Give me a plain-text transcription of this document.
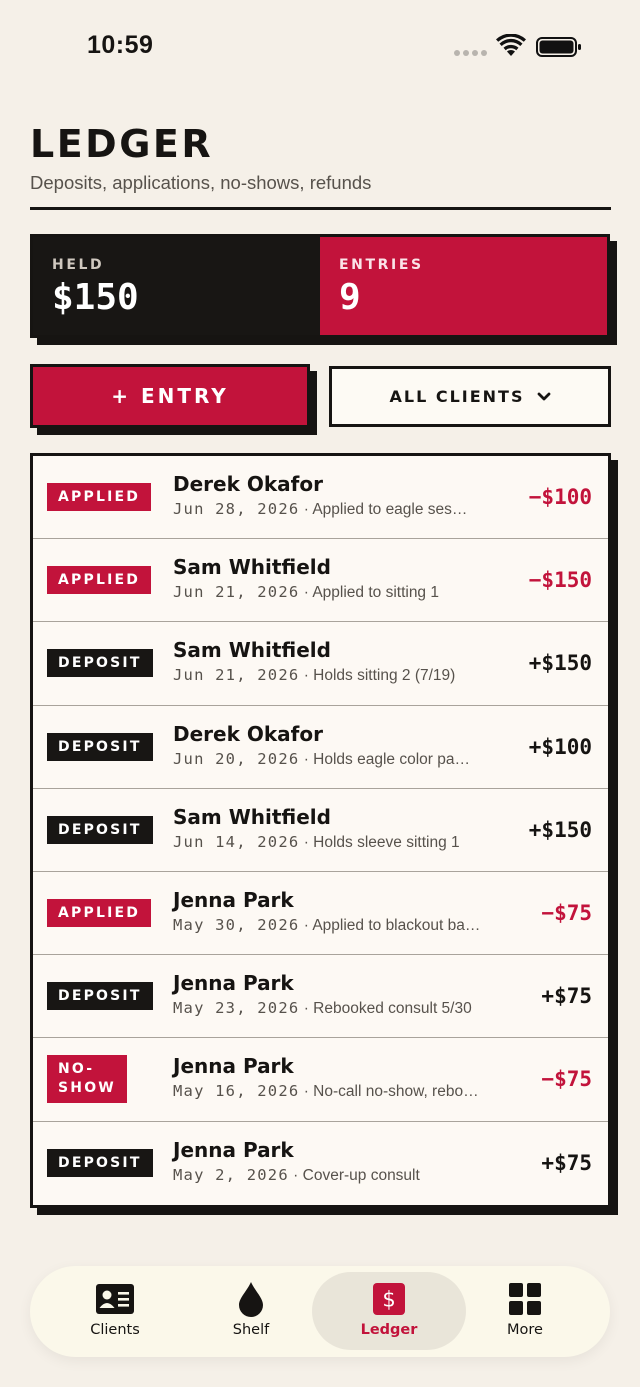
10:59
LEDGER
Deposits, applications, no-shows, refunds
HELD
$150
ENTRIES
9
+ ENTRY	ALL CLIENTS
APPLIED
Derek Okafor
Jun 28, 2026 · Applied to eagle ses…
−$100
APPLIED
Sam Whitfield
Jun 21, 2026 · Applied to sitting 1
−$150
DEPOSIT
Sam Whitfield
Jun 21, 2026 · Holds sitting 2 (7/19)
+$150
DEPOSIT
Derek Okafor
Jun 20, 2026 · Holds eagle color pa…
+$100
DEPOSIT
Sam Whitfield
Jun 14, 2026 · Holds sleeve sitting 1
+$150
APPLIED
Jenna Park
May 30, 2026 · Applied to blackout ba…
−$75
DEPOSIT
Jenna Park
May 23, 2026 · Rebooked consult 5/30
+$75
NO-
SHOW
Jenna Park
May 16, 2026 · No-call no-show, rebo…
−$75
DEPOSIT
Jenna Park
May 2, 2026 · Cover-up consult	+$75
Clients	Shelf
$
Ledger	More
